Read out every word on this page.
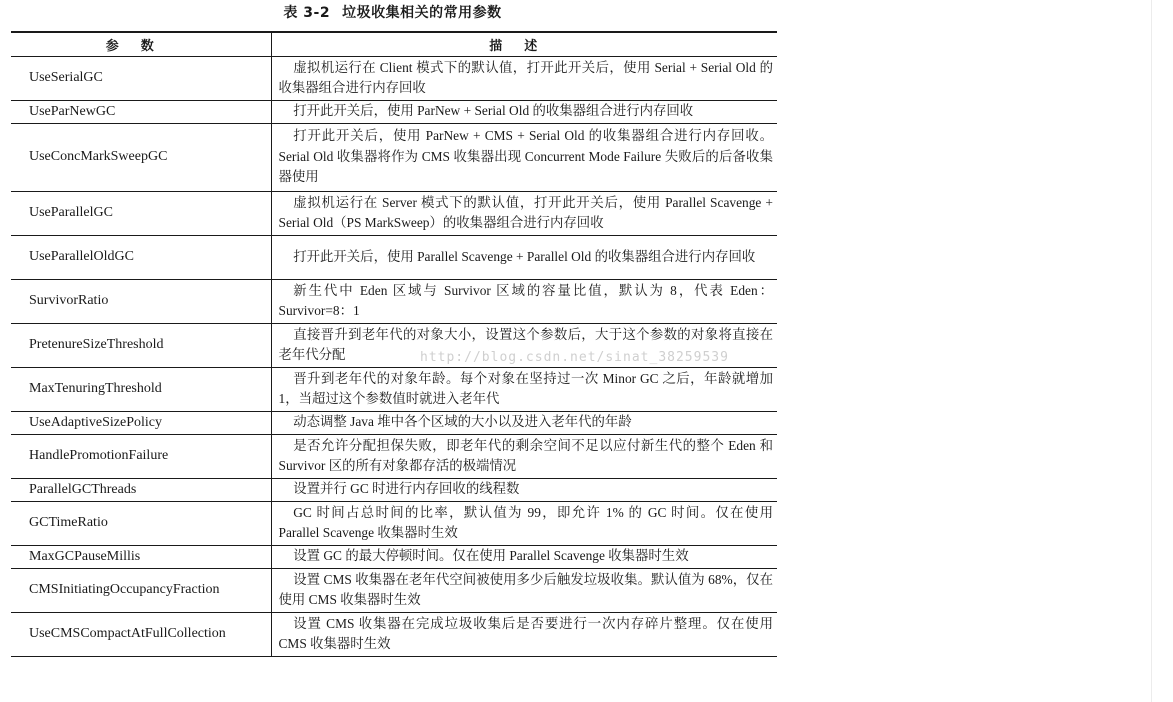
表 3-2 垃圾收集相关的常用参数
参数	描述
UseSerialGC	虚拟机运行在 Client 模式下的默认值，打开此开关后，使用 Serial + Serial Old 的收集器组合进行内存回收
UseParNewGC	打开此开关后，使用 ParNew + Serial Old 的收集器组合进行内存回收
UseConcMarkSweepGC	打开此开关后，使用 ParNew + CMS + Serial Old 的收集器组合进行内存回收。Serial Old 收集器将作为 CMS 收集器出现 Concurrent Mode Failure 失败后的后备收集器使用
UseParallelGC	虚拟机运行在 Server 模式下的默认值，打开此开关后，使用 Parallel Scavenge + Serial Old（PS MarkSweep）的收集器组合进行内存回收
UseParallelOldGC	打开此开关后，使用 Parallel Scavenge + Parallel Old 的收集器组合进行内存回收
SurvivorRatio	新生代中 Eden 区域与 Survivor 区域的容量比值，默认为 8，代表 Eden：Survivor=8：1
PretenureSizeThreshold	直接晋升到老年代的对象大小，设置这个参数后，大于这个参数的对象将直接在老年代分配
MaxTenuringThreshold	晋升到老年代的对象年龄。每个对象在坚持过一次 Minor GC 之后，年龄就增加 1，当超过这个参数值时就进入老年代
UseAdaptiveSizePolicy	动态调整 Java 堆中各个区域的大小以及进入老年代的年龄
HandlePromotionFailure	是否允许分配担保失败，即老年代的剩余空间不足以应付新生代的整个 Eden 和 Survivor 区的所有对象都存活的极端情况
ParallelGCThreads	设置并行 GC 时进行内存回收的线程数
GCTimeRatio	GC 时间占总时间的比率，默认值为 99，即允许 1% 的 GC 时间。仅在使用 Parallel Scavenge 收集器时生效
MaxGCPauseMillis	设置 GC 的最大停顿时间。仅在使用 Parallel Scavenge 收集器时生效
CMSInitiatingOccupancyFraction	设置 CMS 收集器在老年代空间被使用多少后触发垃圾收集。默认值为 68%，仅在使用 CMS 收集器时生效
UseCMSCompactAtFullCollection	设置 CMS 收集器在完成垃圾收集后是否要进行一次内存碎片整理。仅在使用 CMS 收集器时生效
http://blog.csdn.net/sinat_38259539
